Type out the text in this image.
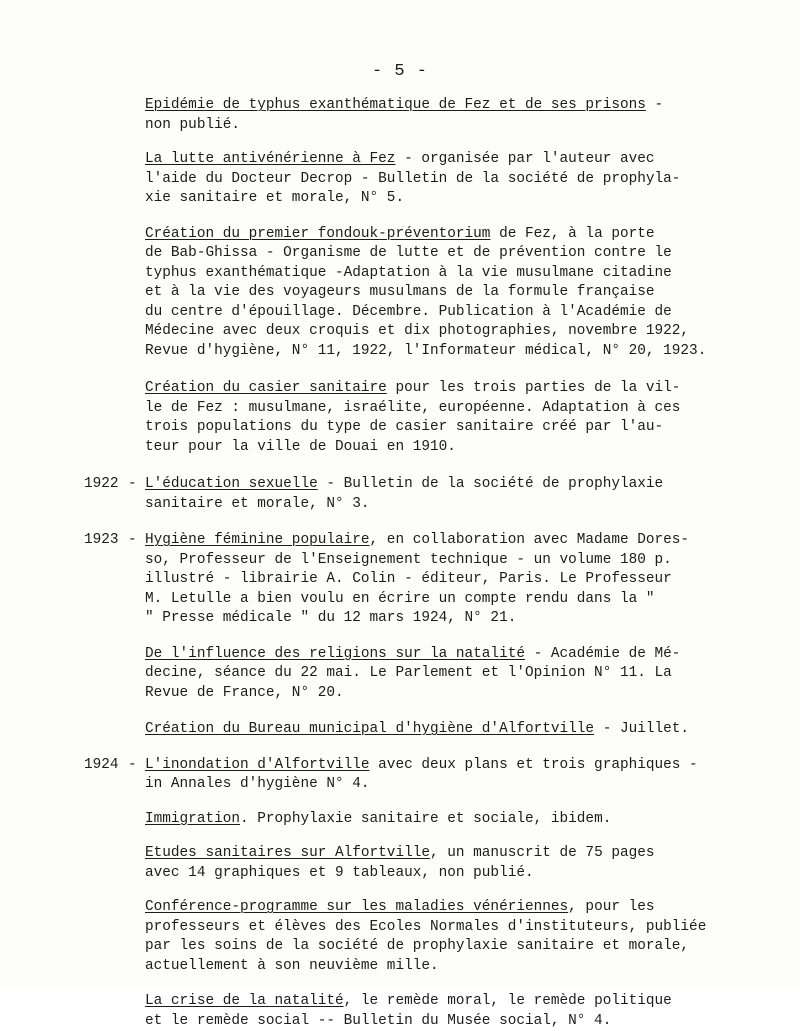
- 5 -
Epidémie de typhus exanthématique de Fez et de ses prisons -
non publié.
La lutte antivénérienne à Fez - organisée par l'auteur avec
l'aide du Docteur Decrop - Bulletin de la société de prophyla-
xie sanitaire et morale, N° 5.
Création du premier fondouk-préventorium de Fez, à la porte
de Bab-Ghissa - Organisme de lutte et de prévention contre le
typhus exanthématique -Adaptation à la vie musulmane citadine
et à la vie des voyageurs musulmans de la formule française
du centre d'épouillage. Décembre. Publication à l'Académie de
Médecine avec deux croquis et dix photographies, novembre 1922,
Revue d'hygiène, N° 11, 1922, l'Informateur médical, N° 20, 1923.
Création du casier sanitaire pour les trois parties de la vil-
le de Fez : musulmane, israélite, européenne. Adaptation à ces
trois populations du type de casier sanitaire créé par l'au-
teur pour la ville de Douai en 1910.
1922 - L'éducation sexuelle - Bulletin de la société de prophylaxie
sanitaire et morale, N° 3.
1923 - Hygiène féminine populaire, en collaboration avec Madame Dores-
so, Professeur de l'Enseignement technique - un volume 180 p.
illustré - librairie A. Colin - éditeur, Paris. Le Professeur
M. Letulle a bien voulu en écrire un compte rendu dans la "
" Presse médicale " du 12 mars 1924, N° 21.
De l'influence des religions sur la natalité - Académie de Mé-
decine, séance du 22 mai. Le Parlement et l'Opinion N° 11. La
Revue de France, N° 20.
Création du Bureau municipal d'hygiène d'Alfortville - Juillet.
1924 - L'inondation d'Alfortville avec deux plans et trois graphiques -
in Annales d'hygiène N° 4.
Immigration. Prophylaxie sanitaire et sociale, ibidem.
Etudes sanitaires sur Alfortville, un manuscrit de 75 pages
avec 14 graphiques et 9 tableaux, non publié.
Conférence-programme sur les maladies vénériennes, pour les
professeurs et élèves des Ecoles Normales d'instituteurs, publiée
par les soins de la société de prophylaxie sanitaire et morale,
actuellement à son neuvième mille.
La crise de la natalité, le remède moral, le remède politique
et le remède social -- Bulletin du Musée social, N° 4.
